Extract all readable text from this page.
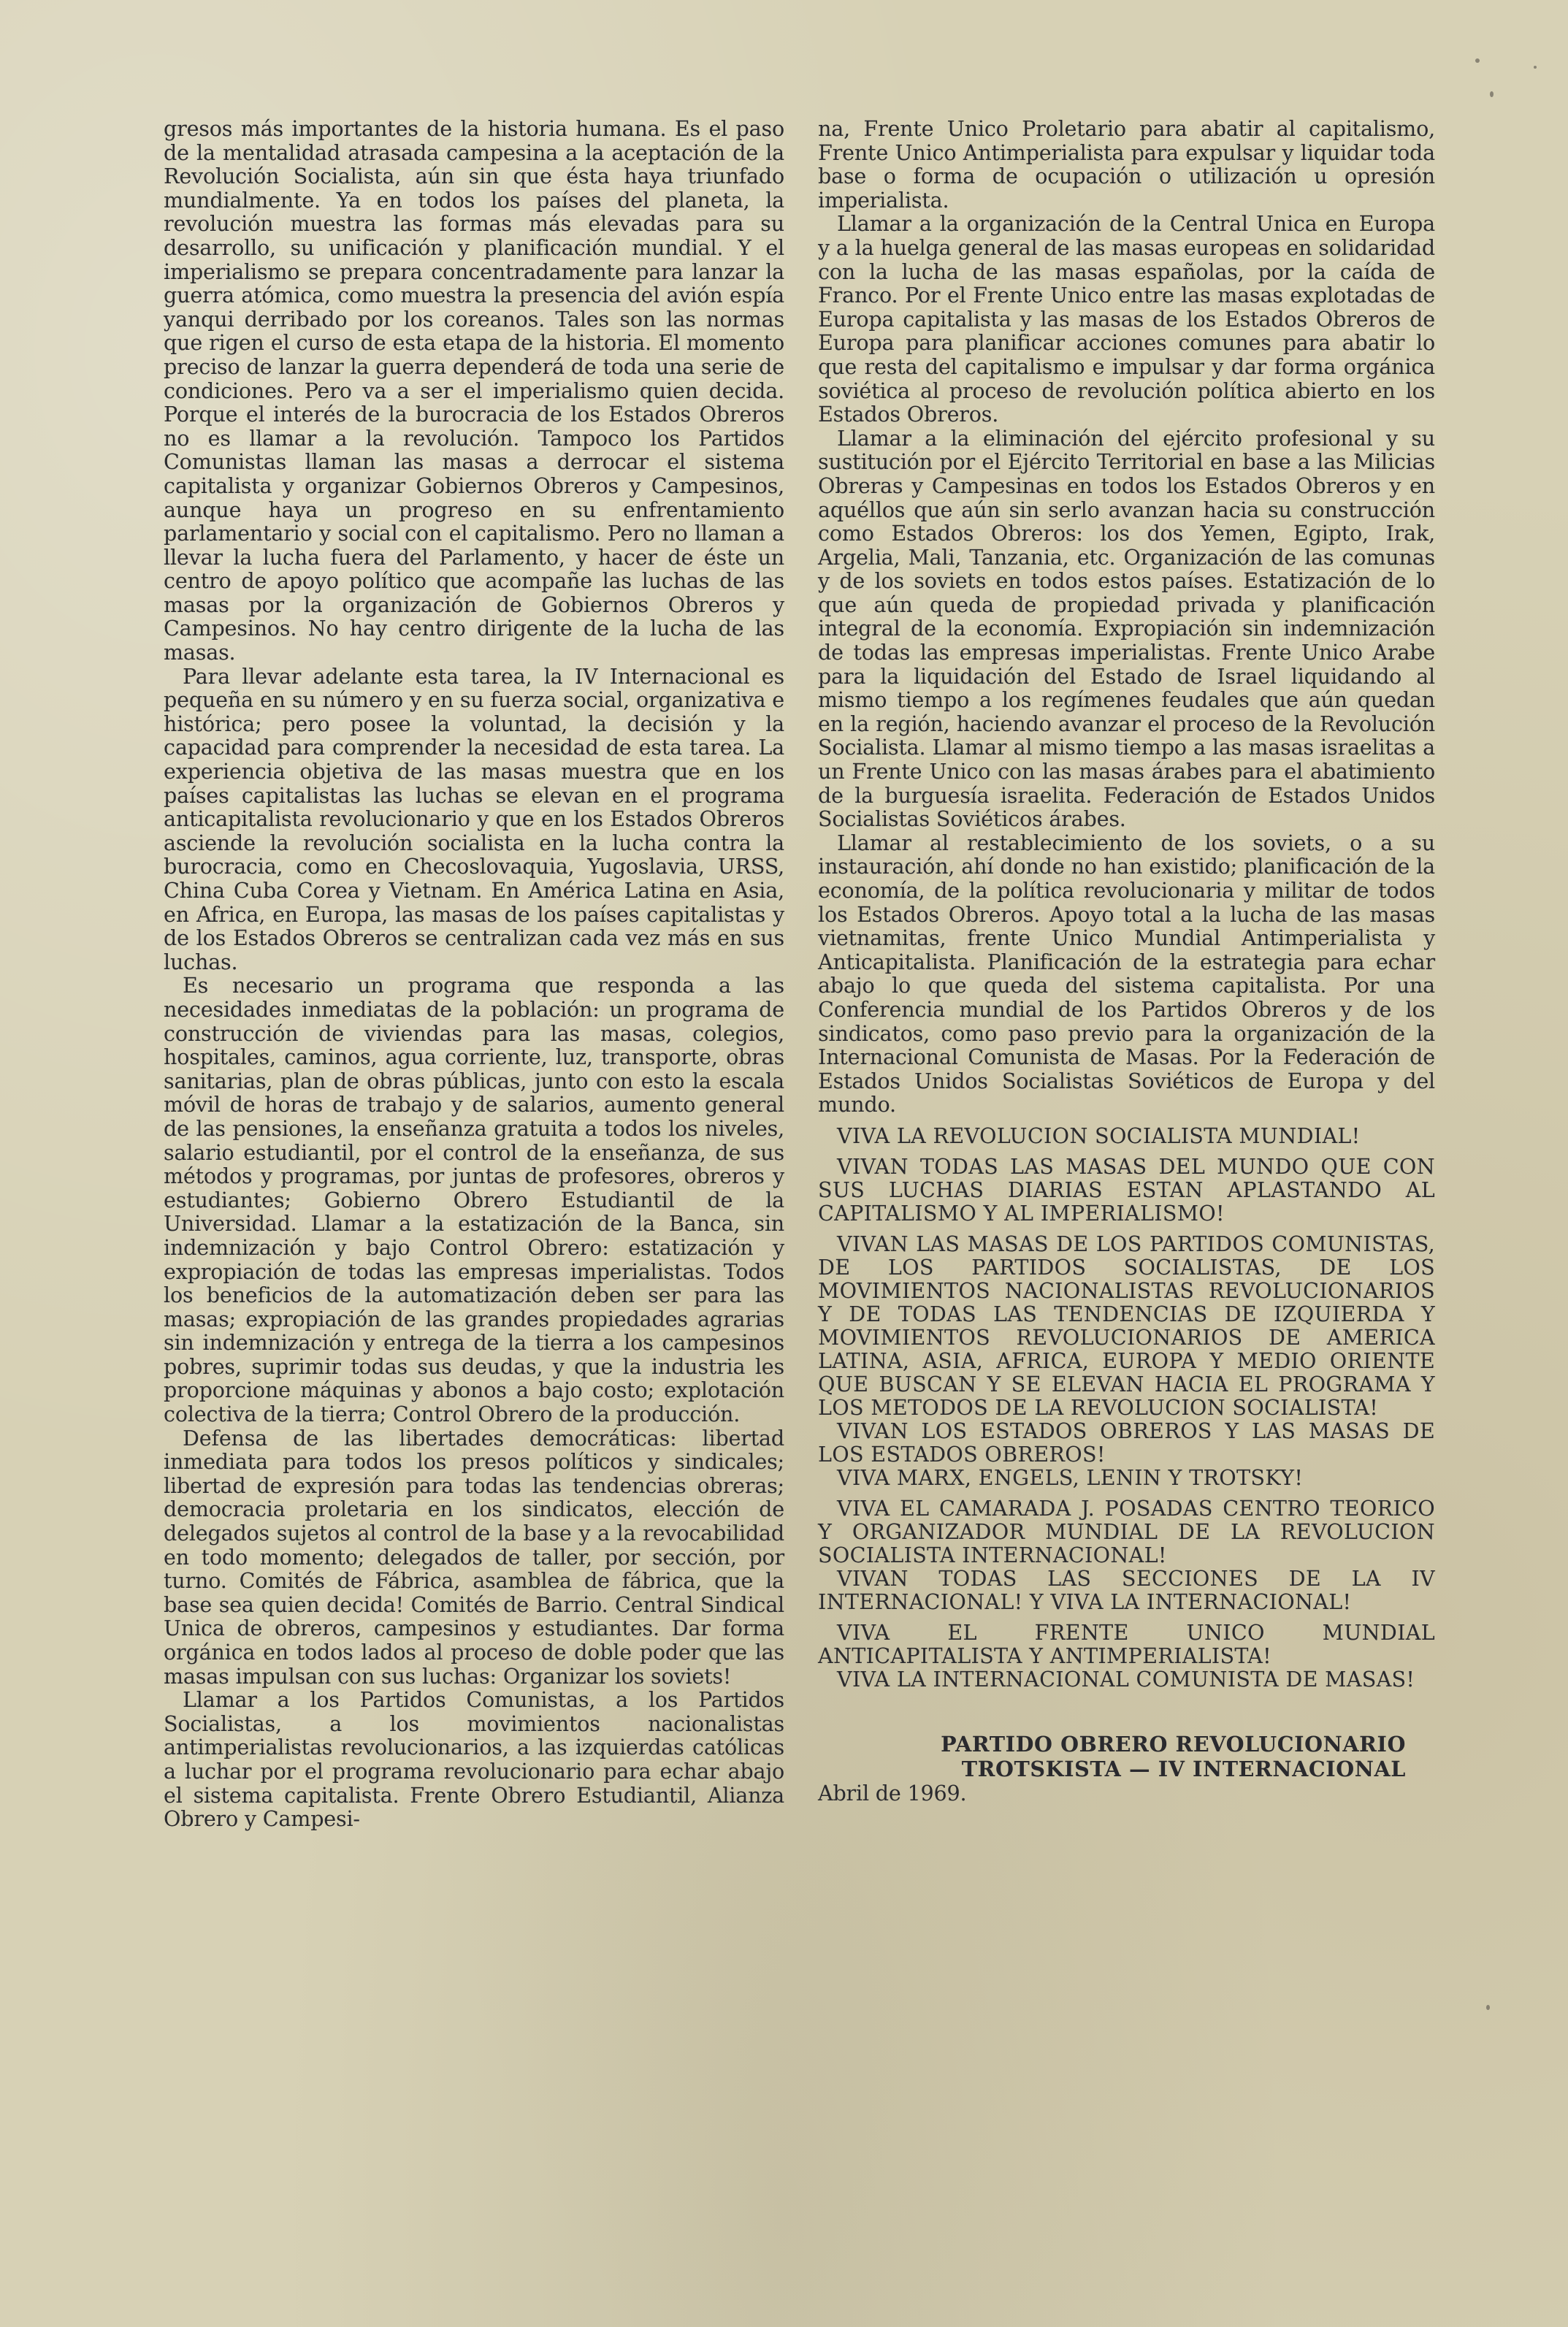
gresos más importantes de la historia humana. Es el paso de la mentalidad atrasada campesina a la aceptación de la Revolución Socialista, aún sin que ésta haya triunfado mundialmente. Ya en todos los países del planeta, la revolución muestra las formas más elevadas para su desarrollo, su unificación y planificación mundial. Y el imperialismo se prepara concentradamente para lanzar la guerra atómica, como muestra la presencia del avión espía yanqui derribado por los coreanos. Tales son las normas que rigen el curso de esta etapa de la historia. El momento preciso de lanzar la guerra dependerá de toda una serie de condiciones. Pero va a ser el imperialismo quien decida. Porque el interés de la burocracia de los Estados Obreros no es llamar a la revolución. Tampoco los Partidos Comunistas llaman las masas a derrocar el sistema capitalista y organizar Gobiernos Obreros y Campesinos, aunque haya un progreso en su enfrentamiento parlamentario y social con el capitalismo. Pero no llaman a llevar la lucha fuera del Parlamento, y hacer de éste un centro de apoyo político que acompañe las luchas de las masas por la organización de Gobiernos Obreros y Campesinos. No hay centro dirigente de la lucha de las masas.

Para llevar adelante esta tarea, la IV Internacional es pequeña en su número y en su fuerza social, organizativa e histórica; pero posee la voluntad, la decisión y la capacidad para comprender la necesidad de esta tarea. La experiencia objetiva de las masas muestra que en los países capitalistas las luchas se elevan en el programa anticapitalista revolucionario y que en los Estados Obreros asciende la revolución socialista en la lucha contra la burocracia, como en Checoslovaquia, Yugoslavia, URSS, China Cuba Corea y Vietnam. En América Latina en Asia, en Africa, en Europa, las masas de los países capitalistas y de los Estados Obreros se centralizan cada vez más en sus luchas.

Es necesario un programa que responda a las necesidades inmediatas de la población: un programa de construcción de viviendas para las masas, colegios, hospitales, caminos, agua corriente, luz, transporte, obras sanitarias, plan de obras públicas, junto con esto la escala móvil de horas de trabajo y de salarios, aumento general de las pensiones, la enseñanza gratuita a todos los niveles, salario estudiantil, por el control de la enseñanza, de sus métodos y programas, por juntas de profesores, obreros y estudiantes; Gobierno Obrero Estudiantil de la Universidad. Llamar a la estatización de la Banca, sin indemnización y bajo Control Obrero: estatización y expropiación de todas las empresas imperialistas. Todos los beneficios de la automatización deben ser para las masas; expropiación de las grandes propiedades agrarias sin indemnización y entrega de la tierra a los campesinos pobres, suprimir todas sus deudas, y que la industria les proporcione máquinas y abonos a bajo costo; explotación colectiva de la tierra; Control Obrero de la producción.

Defensa de las libertades democráticas: libertad inmediata para todos los presos políticos y sindicales; libertad de expresión para todas las tendencias obreras; democracia proletaria en los sindicatos, elección de delegados sujetos al control de la base y a la revocabilidad en todo momento; delegados de taller, por sección, por turno. Comités de Fábrica, asamblea de fábrica, que la base sea quien decida! Comités de Barrio. Central Sindical Unica de obreros, campesinos y estudiantes. Dar forma orgánica en todos lados al proceso de doble poder que las masas impulsan con sus luchas: Organizar los soviets!

Llamar a los Partidos Comunistas, a los Partidos Socialistas, a los movimientos nacionalistas antimperialistas revolucionarios, a las izquierdas católicas a luchar por el programa revolucionario para echar abajo el sistema capitalista. Frente Obrero Estudiantil, Alianza Obrero y Campesi-

na, Frente Unico Proletario para abatir al capitalismo, Frente Unico Antimperialista para expulsar y liquidar toda base o forma de ocupación o utilización u opresión imperialista.

Llamar a la organización de la Central Unica en Europa y a la huelga general de las masas europeas en solidaridad con la lucha de las masas españolas, por la caída de Franco. Por el Frente Unico entre las masas explotadas de Europa capitalista y las masas de los Estados Obreros de Europa para planificar acciones comunes para abatir lo que resta del capitalismo e impulsar y dar forma orgánica soviética al proceso de revolución política abierto en los Estados Obreros.

Llamar a la eliminación del ejército profesional y su sustitución por el Ejército Territorial en base a las Milicias Obreras y Campesinas en todos los Estados Obreros y en aquéllos que aún sin serlo avanzan hacia su construcción como Estados Obreros: los dos Yemen, Egipto, Irak, Argelia, Mali, Tanzania, etc. Organización de las comunas y de los soviets en todos estos países. Estatización de lo que aún queda de propiedad privada y planificación integral de la economía. Expropiación sin indemnización de todas las empresas imperialistas. Frente Unico Arabe para la liquidación del Estado de Israel liquidando al mismo tiempo a los regímenes feudales que aún quedan en la región, haciendo avanzar el proceso de la Revolución Socialista. Llamar al mismo tiempo a las masas israelitas a un Frente Unico con las masas árabes para el abatimiento de la burguesía israelita. Federación de Estados Unidos Socialistas Soviéticos árabes.

Llamar al restablecimiento de los soviets, o a su instauración, ahí donde no han existido; planificación de la economía, de la política revolucionaria y militar de todos los Estados Obreros. Apoyo total a la lucha de las masas vietnamitas, frente Unico Mundial Antimperialista y Anticapitalista. Planificación de la estrategia para echar abajo lo que queda del sistema capitalista. Por una Conferencia mundial de los Partidos Obreros y de los sindicatos, como paso previo para la organización de la Internacional Comunista de Masas. Por la Federación de Estados Unidos Socialistas Soviéticos de Europa y del mundo.

VIVA LA REVOLUCION SOCIALISTA MUNDIAL!

VIVAN TODAS LAS MASAS DEL MUNDO QUE CON SUS LUCHAS DIARIAS ESTAN APLASTANDO AL CAPITALISMO Y AL IMPERIALISMO!

VIVAN LAS MASAS DE LOS PARTIDOS COMUNISTAS, DE LOS PARTIDOS SOCIALISTAS, DE LOS MOVIMIENTOS NACIONALISTAS REVOLUCIONARIOS Y DE TODAS LAS TENDENCIAS DE IZQUIERDA Y MOVIMIENTOS REVOLUCIONARIOS DE AMERICA LATINA, ASIA, AFRICA, EUROPA Y MEDIO ORIENTE QUE BUSCAN Y SE ELEVAN HACIA EL PROGRAMA Y LOS METODOS DE LA REVOLUCION SOCIALISTA!

VIVAN LOS ESTADOS OBREROS Y LAS MASAS DE LOS ESTADOS OBREROS!

VIVA MARX, ENGELS, LENIN Y TROTSKY!

VIVA EL CAMARADA J. POSADAS CENTRO TEORICO Y ORGANIZADOR MUNDIAL DE LA REVOLUCION SOCIALISTA INTERNACIONAL!

VIVAN TODAS LAS SECCIONES DE LA IV INTERNACIONAL! Y VIVA LA INTERNACIONAL!

VIVA EL FRENTE UNICO MUNDIAL ANTICAPITALISTA Y ANTIMPERIALISTA!

VIVA LA INTERNACIONAL COMUNISTA DE MASAS!

PARTIDO OBRERO REVOLUCIONARIO
TROTSKISTA — IV INTERNACIONAL

Abril de 1969.
